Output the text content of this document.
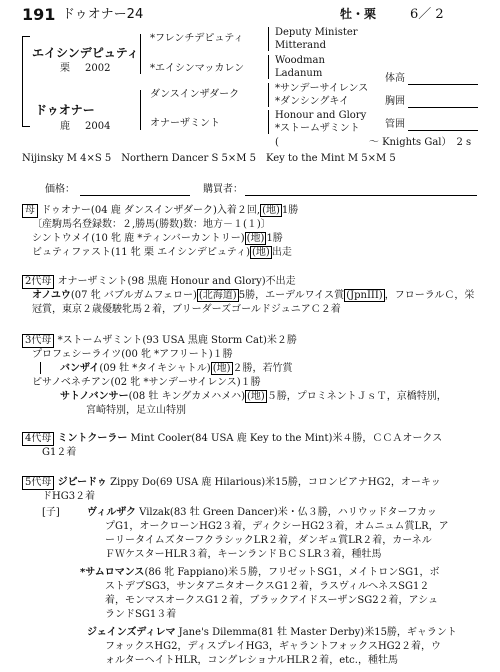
191 ドゥオナー24	牡・栗	6／ 2
エイシンデピュティ
栗 2002
ドゥオナー
鹿 2004
*フレンチデピュティ
*エイシンマッカレン
ダンスインザダーク
オナーザミント
Deputy Minister
Mitterand
Woodman
Ladanum
*サンデーサイレンス
*ダンシングキイ
Honour and Glory
*ストームザミント
(　　　　　　　　　～ Knights Gal）　2 s
体高
胸囲
管囲
Nijinsky M 4×S 5　Northern Dancer S 5×M 5　Key to the Mint M 5×M 5
価格：	購買者：
母 ドゥオナー(04 鹿 ダンスインザダーク)入着２回, (地) 1勝
〔産駒馬名登録数：２,勝馬(勝数)数：地方－１(１)〕
シントウメイ(10 牝 鹿 *ティンバーカントリー) (地) 1勝
ビュティファスト(11 牝 栗 エイシンデピュティ) (地) 出走
2代母 オナーザミント(98 黒鹿 Honour and Glory)不出走
オノユウ(07 牝 バブルガムフェロー) (北海道) 5勝，エーデルワイス賞 (JpnIII) ，フローラルＣ，栄冠賞，東京２歳優駿牝馬２着，ブリーダーズゴールドジュニアＣ２着
3代母 *ストームザミント(93 USA 黒鹿 Storm Cat)米２勝
プロフェシーライツ(00 牝 *アフリート)１勝
バンザイ(09 牡 *タイキシャトル) (地) ２勝，若竹賞
ピサノベネチアン(02 牝 *サンデーサイレンス)１勝
サトノバンサー(08 牡 キングカメハメハ) (地) ５勝，プロミネントＪｓＴ，京橋特別，
宮崎特別，足立山特別
4代母 ミントクーラー Mint Cooler(84 USA 鹿 Key to the Mint)米４勝，ＣＣＡオークス
G1２着
5代母 ジピードゥ Zippy Do(69 USA 鹿 Hilarious)米15勝，コロンビアナHG2，オーキッ
ドHG3２着
[子]	ヴィルザク Vilzak(83 牡 Green Dancer)米・仏３勝，ハリウッドターフカッ
プG1，オークローンHG2３着，ディクシーHG2３着，オムニュム賞LR，ア
ーリータイムズターフクラシックLR２着，ダンギュ賞LR２着，カーネル
ＦＷケスターHLR３着，キーンランドＢＣＳLR３着，種牡馬
*サムロマンス(86 牝 Fappiano)米５勝，フリゼットSG1，メイトロンSG1，ボ
ストデブSG3，サンタアニタオークスG1２着，ラスヴィルへネスSG1２
着，モンマスオークスG1２着，ブラックアイドスーザンSG2２着，アシュ
ランドSG1３着
ジェインズディレマ Jane's Dilemma(81 牡 Master Derby)米15勝，ギャラント
フォックスHG2，ディスプレイHG3，ギャラントフォックスHG2２着，ウ
ォルターヘイトHLR，コングレショナルHLR２着，etc.，種牡馬
